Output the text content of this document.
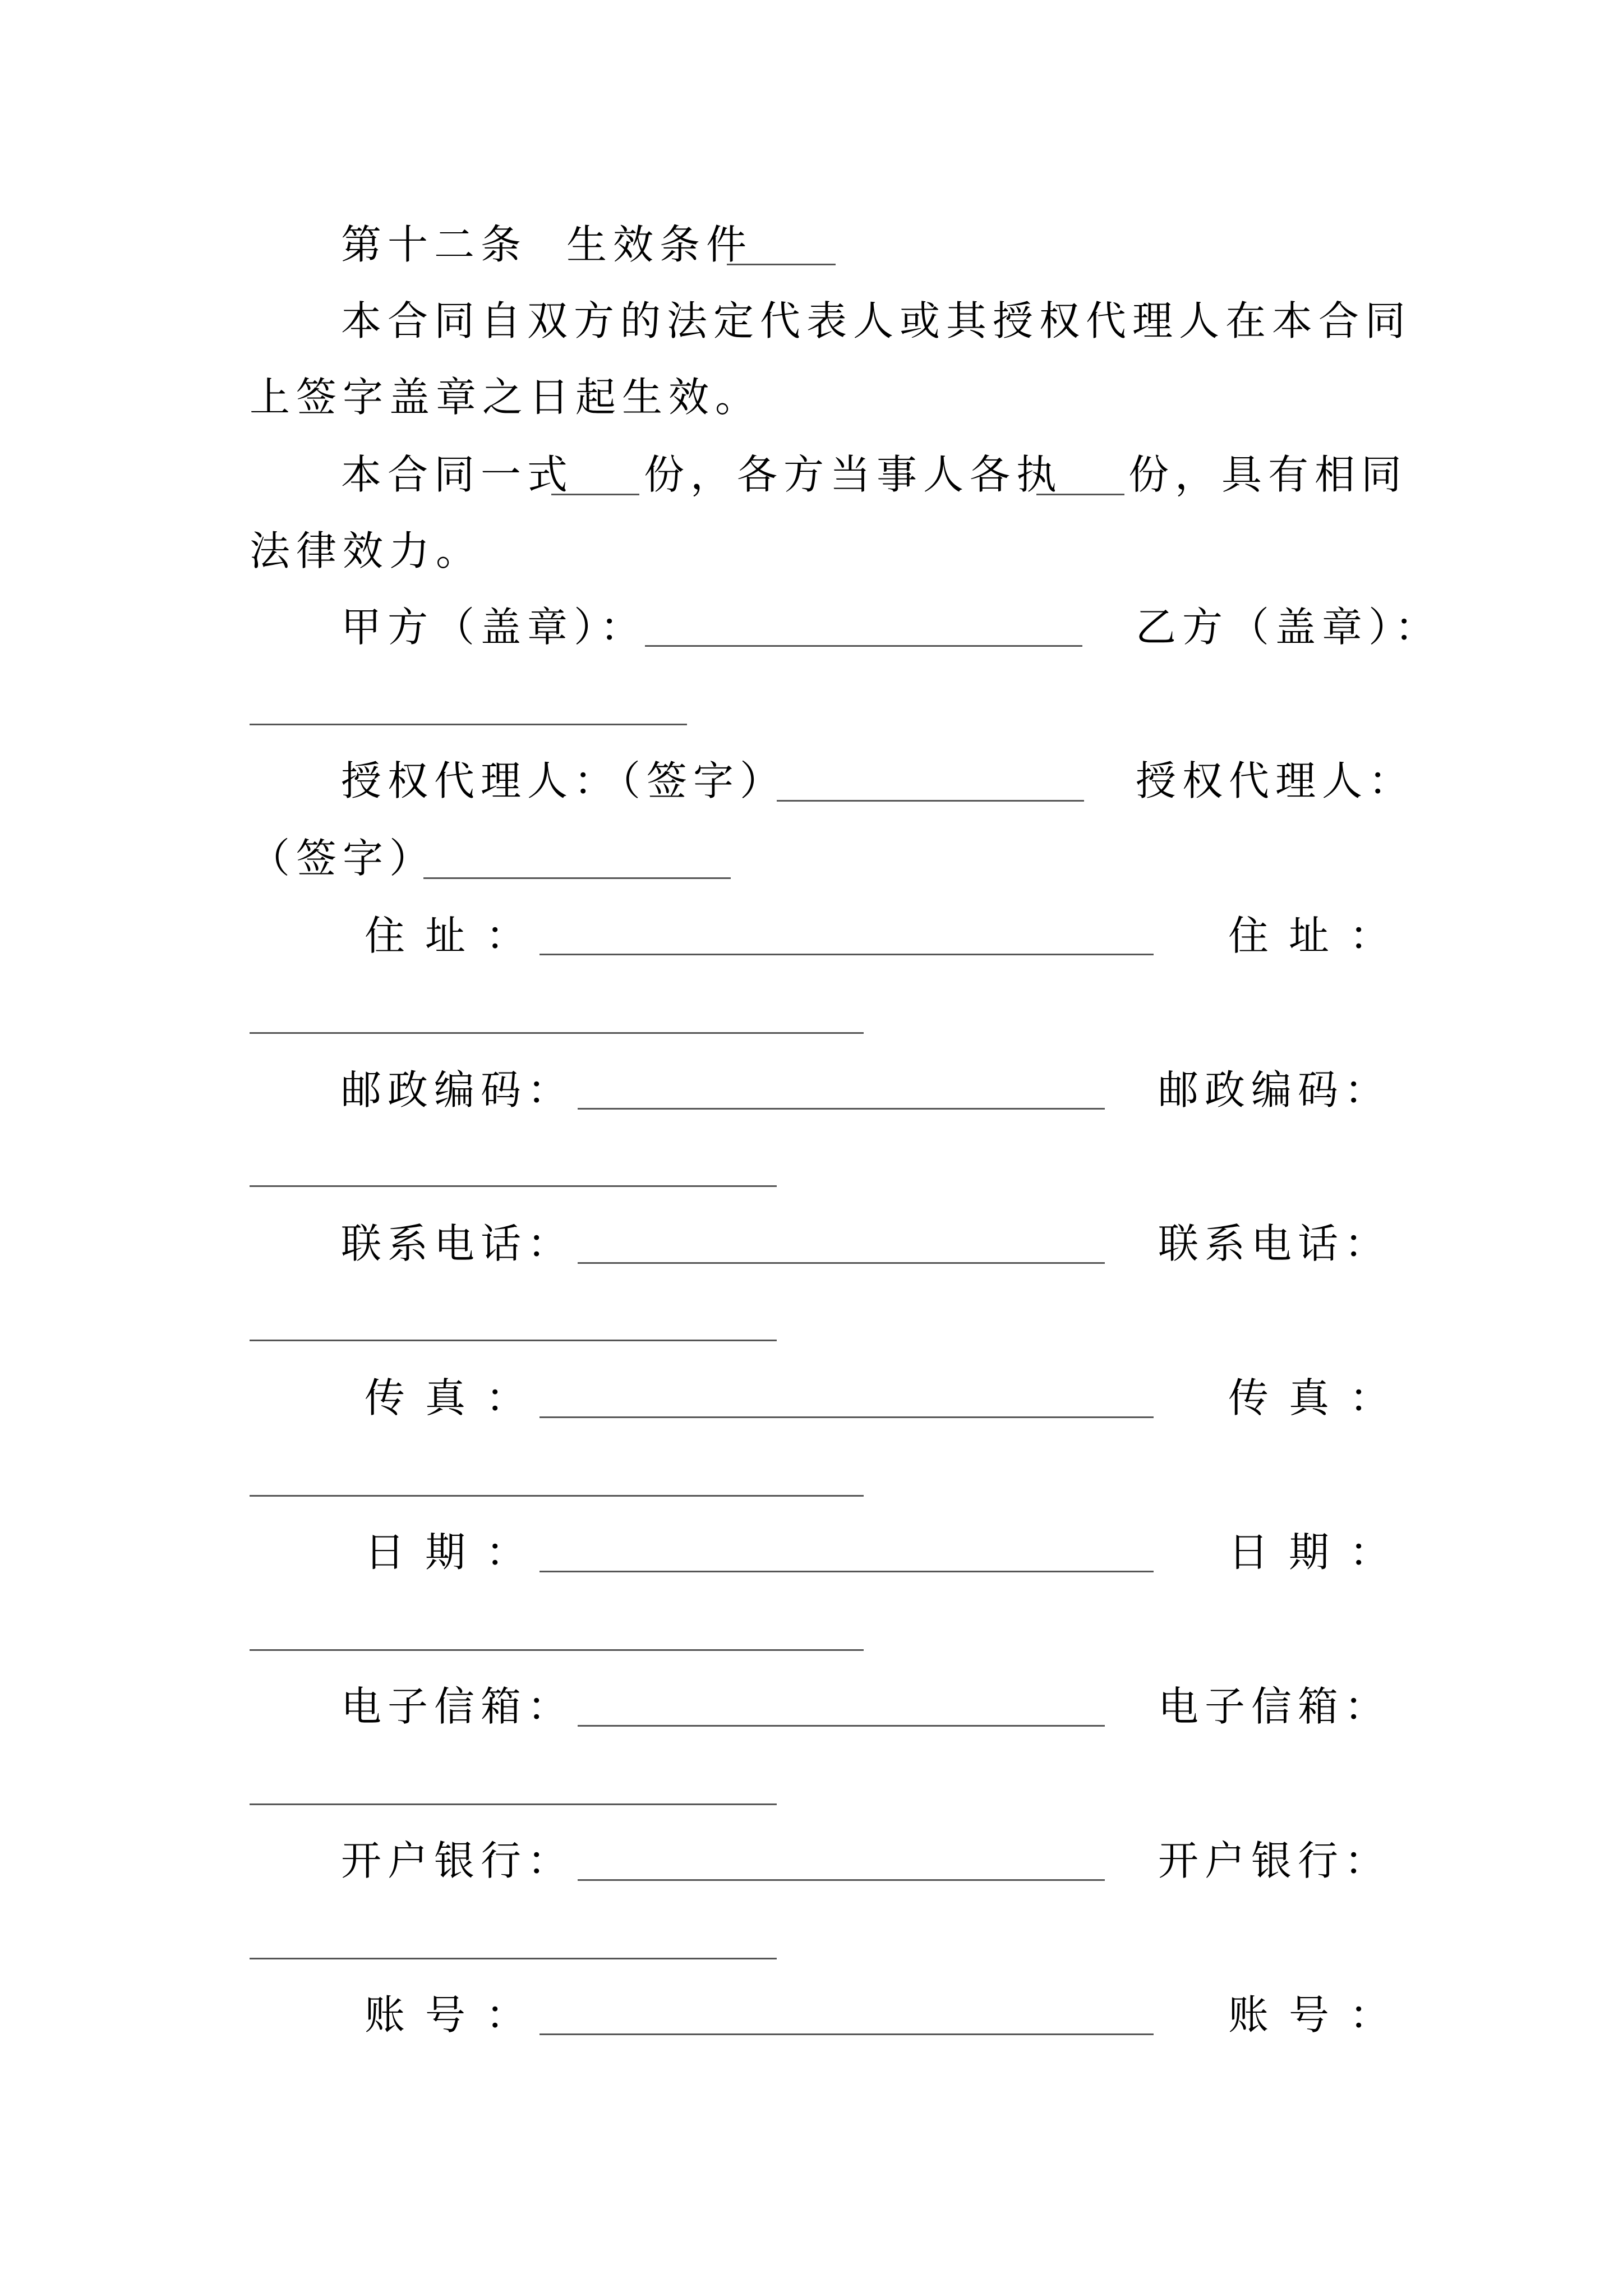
第十二条 生效条件
本合同自双方的法定代表人或其授权代理人在本合同
上签字盖章之日起生效。
本合同一式 份，各方当事人各执 份，具有相同
法律效力。
甲方（盖章）：	乙方（盖章）：
授权代理人：（签字）	授权代理人：
（签字）
住址：	住址：
邮政编码：	邮政编码：
联系电话：	联系电话：
传真：	传真：
日期：	日期：
电子信箱：	电子信箱：
开户银行：	开户银行：
账号：	账号：
